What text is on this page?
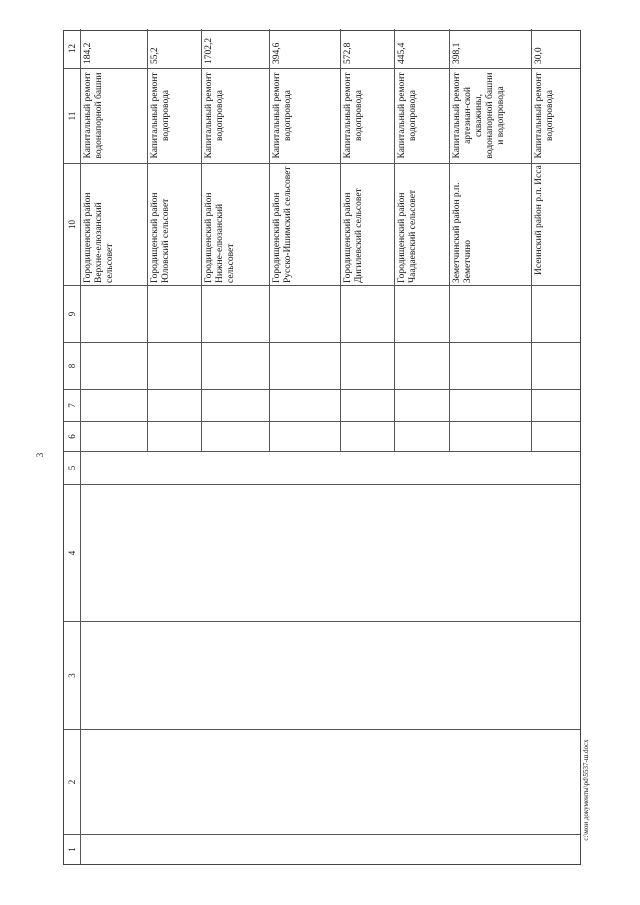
3
c:\мои документы\pd\5537-ш.docx
1
2
3
4
5
6
7
8
9
10
11
12
Городищенский район Верхне-елюзанский сельсовет
Капитальный ремонт водонапорной башни
184,2
Городищенский район Юловский сельсовет
Капитальный ремонт водопровода
55,2
Городищенский район Нижне-елюзанский сельсовет
Капитальный ремонт водопровода
1702,2
Городищенский район Русско-Ишимский сельсовет
Капитальный ремонт водопровода
394,6
Городищенский район Дигилевский сельсовет
Капитальный ремонт водопровода
572,8
Городищенский район Чаадаевский сельсовет
Капитальный ремонт водопровода
445,4
Земетчинский район р.п. Земетчино
Капитальный ремонт артезиан-ской скважины, водонапорной башни и водопровода
398,1
Исеинский район р.п. Исса
Капитальный ремонт водопровода
30,0
